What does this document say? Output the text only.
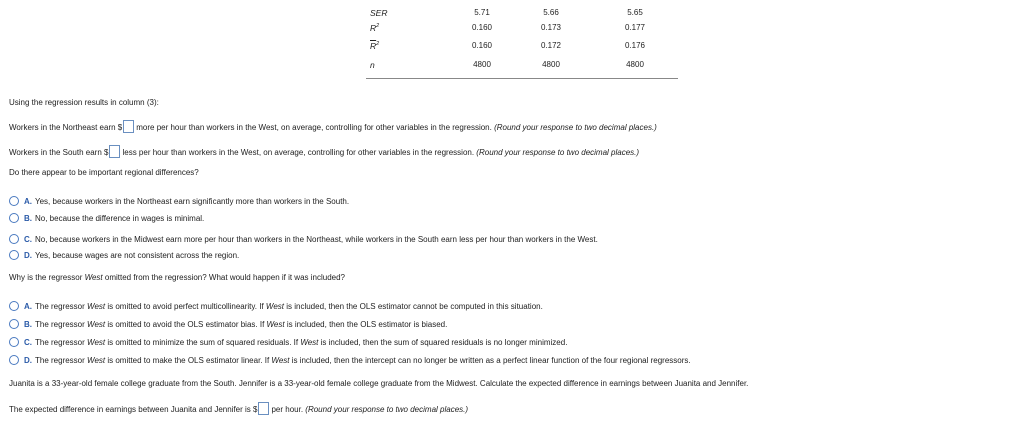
SER	5.71	5.66	5.65
$R^2$	0.160	0.173	0.177
$\overline{R}^2$	0.160	0.172	0.176
n	4800	4800	4800
Using the regression results in column (3):
Workers in the Northeast earn $ more per hour than workers in the West, on average, controlling for other variables in the regression. (Round your response to two decimal places.)
Workers in the South earn $ less per hour than workers in the West, on average, controlling for other variables in the regression. (Round your response to two decimal places.)
Do there appear to be important regional differences?
A. Yes, because workers in the Northeast earn significantly more than workers in the South.
B. No, because the difference in wages is minimal.
C. No, because workers in the Midwest earn more per hour than workers in the Northeast, while workers in the South earn less per hour than workers in the West.
D. Yes, because wages are not consistent across the region.
Why is the regressor West omitted from the regression? What would happen if it was included?
A. The regressor West is omitted to avoid perfect multicollinearity. If West is included, then the OLS estimator cannot be computed in this situation.
B. The regressor West is omitted to avoid the OLS estimator bias. If West is included, then the OLS estimator is biased.
C. The regressor West is omitted to minimize the sum of squared residuals. If West is included, then the sum of squared residuals is no longer minimized.
D. The regressor West is omitted to make the OLS estimator linear. If West is included, then the intercept can no longer be written as a perfect linear function of the four regional regressors.
Juanita is a 33-year-old female college graduate from the South. Jennifer is a 33-year-old female college graduate from the Midwest. Calculate the expected difference in earnings between Juanita and Jennifer.
The expected difference in earnings between Juanita and Jennifer is $ per hour. (Round your response to two decimal places.)
